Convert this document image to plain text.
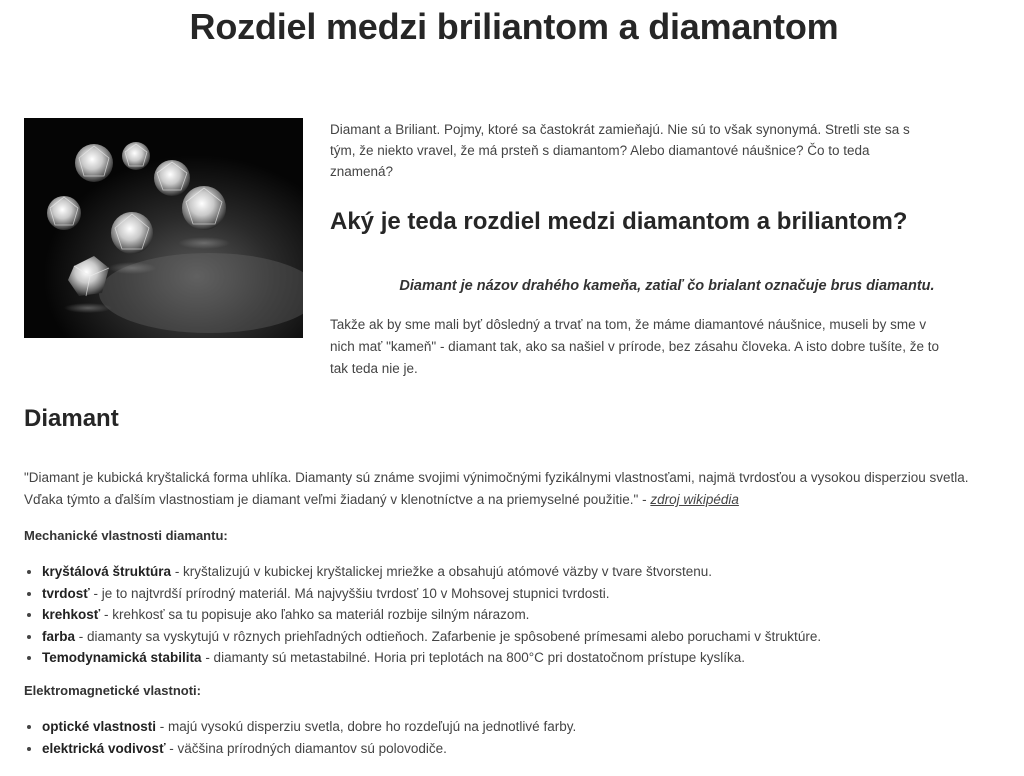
Rozdiel medzi briliantom a diamantom

Diamant a Briliant. Pojmy, ktoré sa častokrát zamieňajú. Nie sú to však synonymá. Stretli ste sa s tým, že niekto vravel, že má prsteň s diamantom? Alebo diamantové náušnice? Čo to teda znamená?

Aký je teda rozdiel medzi diamantom a briliantom?

Diamant je názov drahého kameňa, zatiaľ čo brialant označuje brus diamantu.

Takže ak by sme mali byť dôsledný a trvať na tom, že máme diamantové náušnice, museli by sme v nich mať "kameň" - diamant tak, ako sa našiel v prírode, bez zásahu človeka. A isto dobre tušíte, že to tak teda nie je.

Diamant

"Diamant je kubická kryštalická forma uhlíka. Diamanty sú známe svojimi výnimočnými fyzikálnymi vlastnosťami, najmä tvrdosťou a vysokou disperziou svetla. Vďaka týmto a ďalším vlastnostiam je diamant veľmi žiadaný v klenotníctve a na priemyselné použitie." - zdroj wikipédia

Mechanické vlastnosti diamantu:

• kryštálová štruktúra - kryštalizujú v kubickej kryštalickej mriežke a obsahujú atómové väzby v tvare štvorstenu.
• tvrdosť - je to najtvrdší prírodný materiál. Má najvyššiu tvrdosť 10 v Mohsovej stupnici tvrdosti.
• krehkosť - krehkosť sa tu popisuje ako ľahko sa materiál rozbije silným nárazom.
• farba - diamanty sa vyskytujú v rôznych priehľadných odtieňoch. Zafarbenie je spôsobené prímesami alebo poruchami v štruktúre.
• Temodynamická stabilita - diamanty sú metastabilné. Horia pri teplotách na 800°C pri dostatočnom prístupe kyslíka.

Elektromagnetické vlastnoti:

• optické vlastnosti - majú vysokú disperziu svetla, dobre ho rozdeľujú na jednotlivé farby.
• elektrická vodivosť - väčšina prírodných diamantov sú polovodiče.
